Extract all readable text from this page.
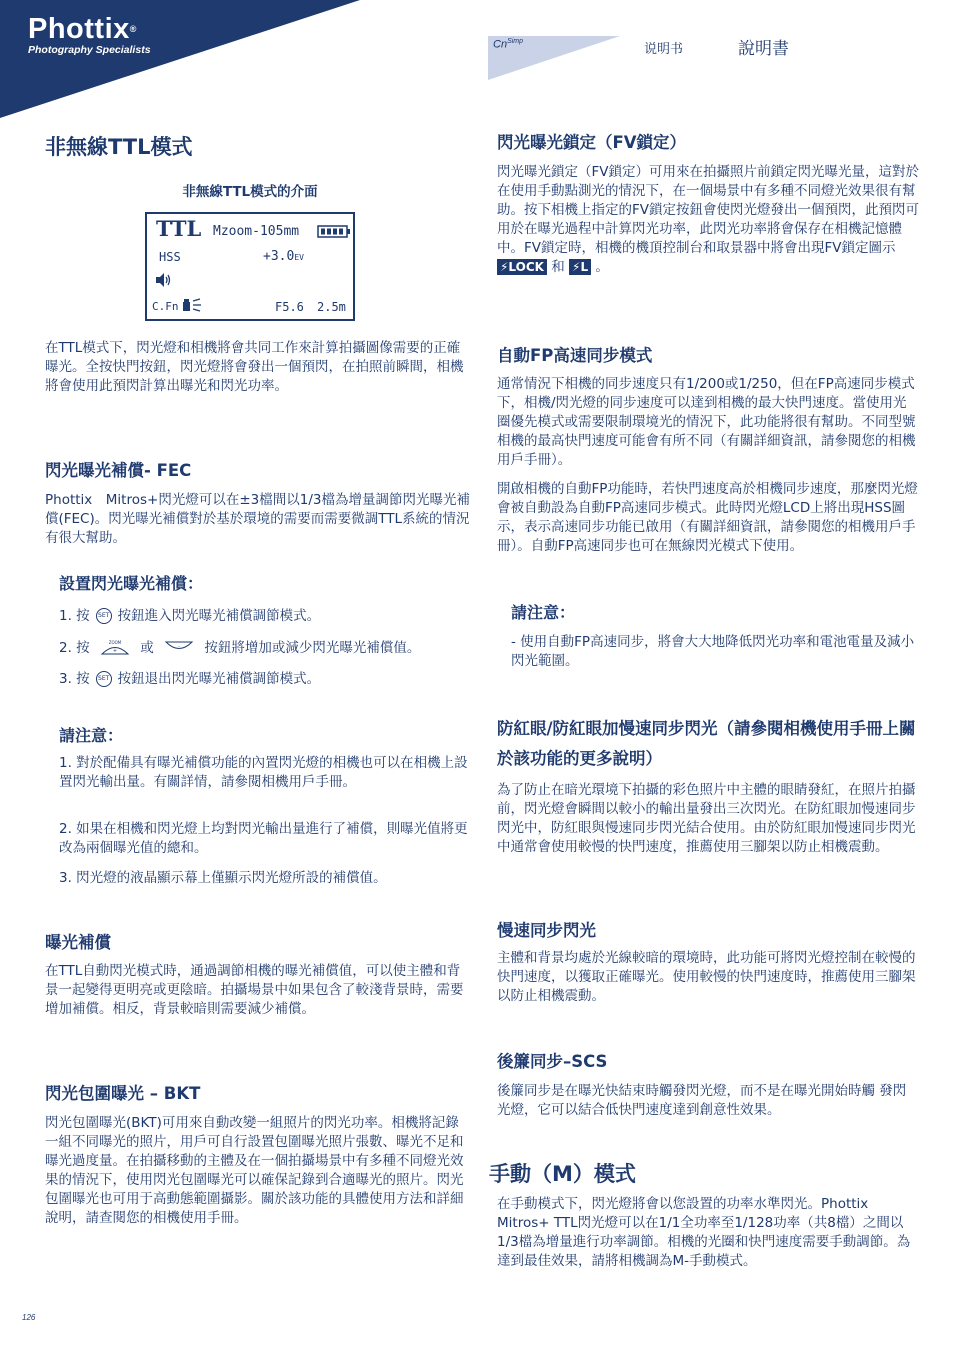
Phottix®
Photography Specialists	$Cn^{Simp}$
说明书	說明書
非無線TTL模式
非無線TTL模式的介面
TTL Mzoom-105mm
HSS	+3.0EV
C.Fn	F5.6 2.5m

在TTL模式下，閃光燈和相機將會共同工作來計算拍攝圖像需要的正確曝光。全按快門按鈕，閃光燈將會發出一個預閃，在拍照前瞬間，相機將會使用此預閃計算出曝光和閃光功率。

閃光曝光補償- FEC

Phottix　Mitros+閃光燈可以在±3檔間以1/3檔為增量調節閃光曝光補償(FEC)。閃光曝光補償對於基於環境的需要而需要微調TTL系統的情況有很大幫助。

設置閃光曝光補償：
1. 按 SET 按鈕進入閃光曝光補償調節模式。
2. 按	ZOOM
+ 或	- 按鈕將增加或減少閃光曝光補償值。
3. 按 SET 按鈕退出閃光曝光補償調節模式。
請注意：

1. 對於配備具有曝光補償功能的內置閃光燈的相機也可以在相機上設置閃光輸出量。有關詳情，請參閱相機用戶手冊。

2. 如果在相機和閃光燈上均對閃光輸出量進行了補償，則曝光值將更改為兩個曝光值的總和。

3. 閃光燈的液晶顯示幕上僅顯示閃光燈所設的補償值。

曝光補償

在TTL自動閃光模式時，通過調節相機的曝光補償值，可以使主體和背景一起變得更明亮或更陰暗。拍攝場景中如果包含了較淺背景時，需要增加補償。相反，背景較暗則需要減少補償。

閃光包圍曝光 – BKT

閃光包圍曝光(BKT)可用來自動改變一組照片的閃光功率。相機將記錄一組不同曝光的照片，用戶可自行設置包圍曝光照片張數、曝光不足和曝光過度量。在拍攝移動的主體及在一個拍攝場景中有多種不同燈光效果的情況下，使用閃光包圍曝光可以確保記錄到合適曝光的照片。閃光包圍曝光也可用于高動態範圍攝影。關於該功能的具體使用方法和詳細說明，請查閱您的相機使用手冊。

閃光曝光鎖定（FV鎖定）

閃光曝光鎖定（FV鎖定）可用來在拍攝照片前鎖定閃光曝光量，這對於在使用手動點測光的情況下，在一個場景中有多種不同燈光效果很有幫助。按下相機上指定的FV鎖定按鈕會使閃光燈發出一個預閃，此預閃可用於在曝光過程中計算閃光功率，此閃光功率將會保存在相機記憶體中。FV鎖定時，相機的機頂控制台和取景器中將會出現FV鎖定圖示 ⚡LOCK 和 ⚡L 。

自動FP高速同步模式

通常情況下相機的同步速度只有1/200或1/250，但在FP高速同步模式下，相機/閃光燈的同步速度可以達到相機的最大快門速度。當使用光圈優先模式或需要限制環境光的情況下，此功能將很有幫助。不同型號相機的最高快門速度可能會有所不同（有關詳細資訊，請參閱您的相機用戶手冊）。

開啟相機的自動FP功能時，若快門速度高於相機同步速度，那麼閃光燈會被自動設為自動FP高速同步模式。此時閃光燈LCD上將出現HSS圖示，表示高速同步功能已啟用（有關詳細資訊，請參閱您的相機用戶手冊）。自動FP高速同步也可在無線閃光模式下使用。

請注意：

- 使用自動FP高速同步，將會大大地降低閃光功率和電池電量及減小閃光範圍。

防紅眼/防紅眼加慢速同步閃光（請參閱相機使用手冊上關於該功能的更多說明）

為了防止在暗光環境下拍攝的彩色照片中主體的眼睛發紅，在照片拍攝前，閃光燈會瞬間以較小的輸出量發出三次閃光。在防紅眼加慢速同步閃光中，防紅眼與慢速同步閃光結合使用。由於防紅眼加慢速同步閃光中通常會使用較慢的快門速度，推薦使用三腳架以防止相機震動。

慢速同步閃光

主體和背景均處於光線較暗的環境時，此功能可將閃光燈控制在較慢的快門速度，以獲取正確曝光。使用較慢的快門速度時，推薦使用三腳架以防止相機震動。

後簾同步–SCS

後簾同步是在曝光快結束時觸發閃光燈，而不是在曝光開始時觸 發閃光燈，它可以結合低快門速度達到創意性效果。

手動（M）模式

在手動模式下，閃光燈將會以您設置的功率水準閃光。Phottix Mitros+ TTL閃光燈可以在1/1全功率至1/128功率（共8檔）之間以1/3檔為增量進行功率調節。相機的光圈和快門速度需要手動調節。為達到最佳效果，請將相機調為M-手動模式。

126
